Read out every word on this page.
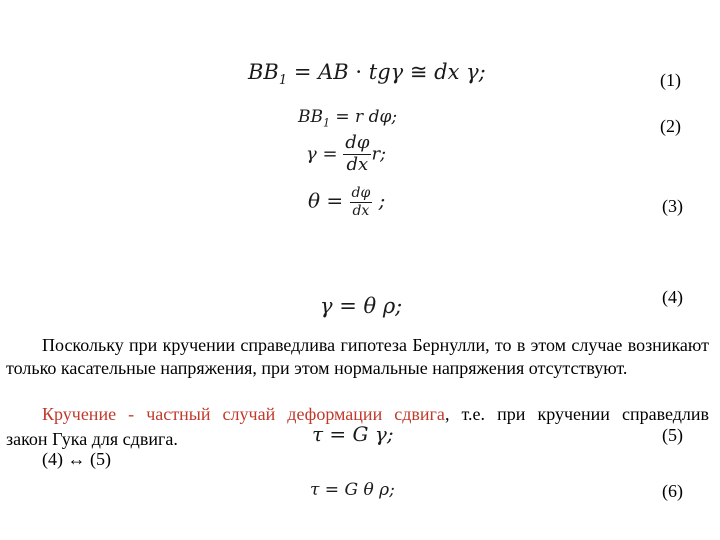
$BB_1$ = AB · tgγ ≅ dx γ;	(1)
$BB_1 = r$ dφ;	(2)
$\gamma = \frac{d\varphi}{dx} r$;
$\theta = \frac{d\varphi}{dx}$ ;	(3)
(4)
γ = θ ρ;

Поскольку при кручении справедлива гипотеза Бернулли, то в этом случае возникают только касательные напряжения, при этом нормальные напряжения отсутствуют.

Кручение - частный случай деформации сдвига, т.е. при кручении справедлив
τ = G γ;	(5)
закон Гука для сдвига.
(4) ↔ (5)
τ = G θ ρ;	(6)
